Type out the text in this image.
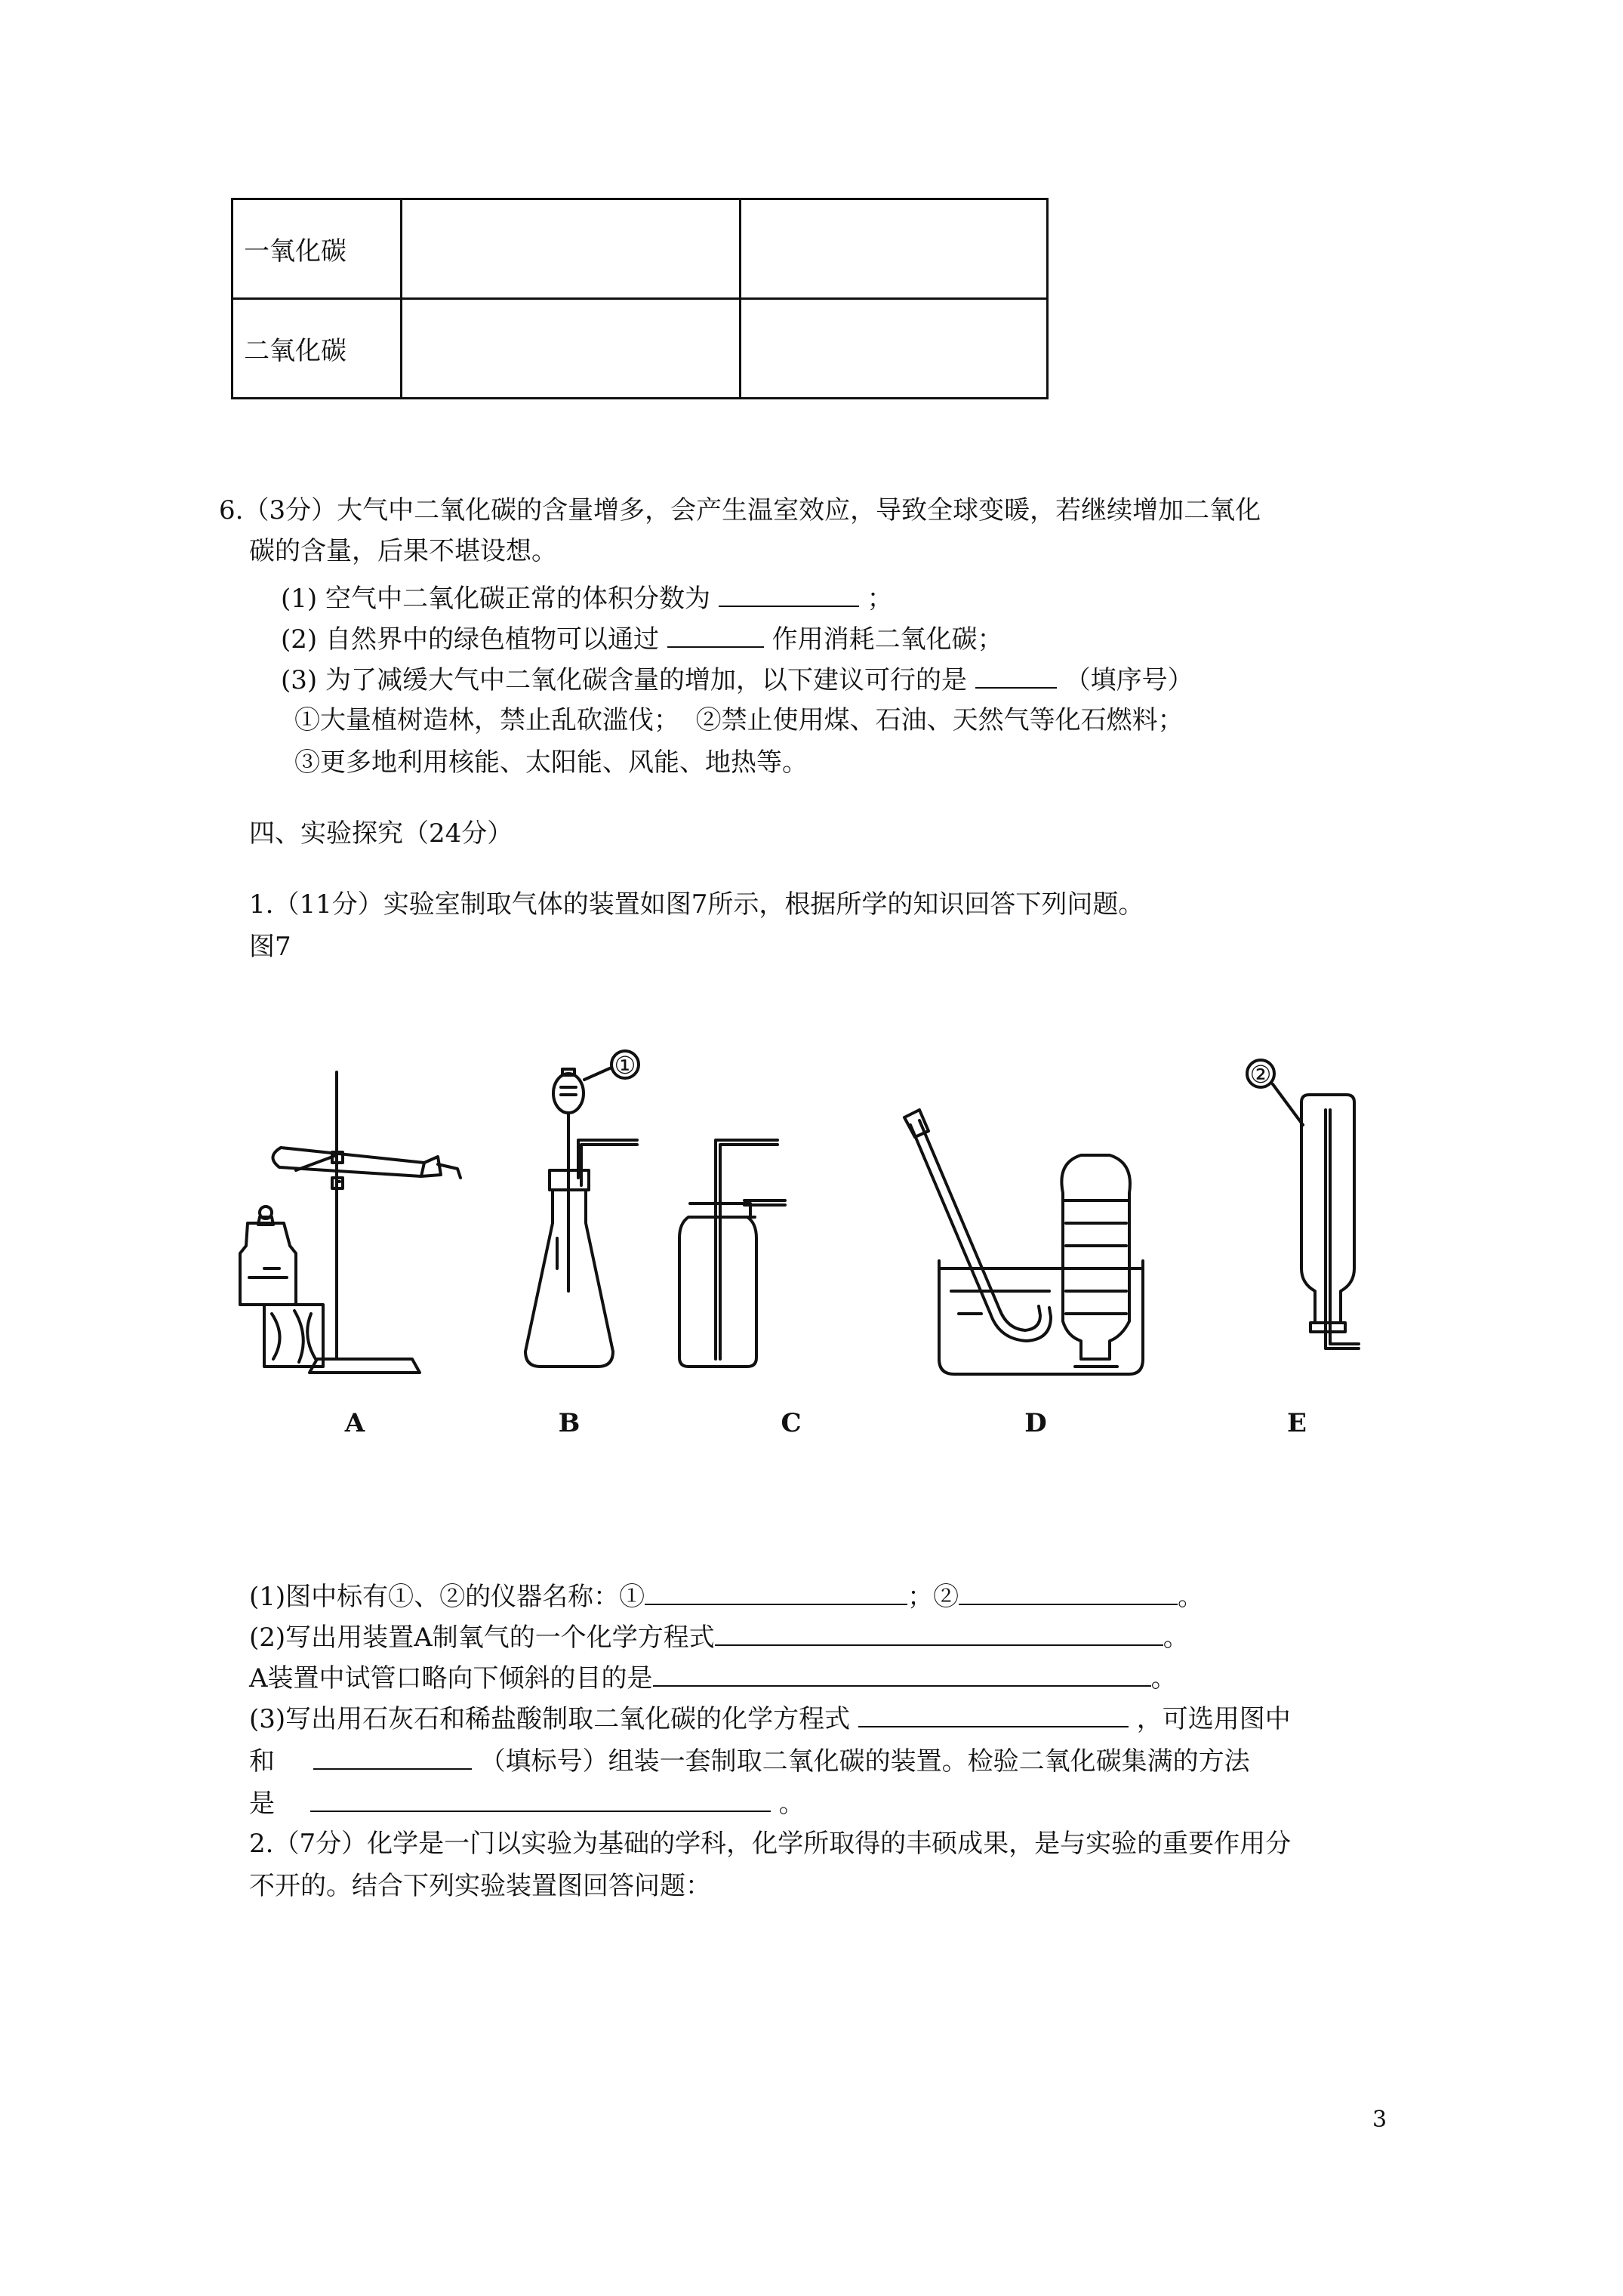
一氧化碳		
二氧化碳		
6.（3分）大气中二氧化碳的含量增多，会产生温室效应，导致全球变暖，若继续增加二氧化
碳的含量，后果不堪设想。
(1) 空气中二氧化碳正常的体积分数为	；
(2) 自然界中的绿色植物可以通过	作用消耗二氧化碳；
(3) 为了减缓大气中二氧化碳含量的增加，以下建议可行的是	（填序号）
①大量植树造林，禁止乱砍滥伐；  ②禁止使用煤、石油、天然气等化石燃料；
③更多地利用核能、太阳能、风能、地热等。
四、实验探究（24分）
1.（11分）实验室制取气体的装置如图7所示，根据所学的知识回答下列问题。
图7
①	②
A	B	C	D	E
(1)图中标有①、②的仪器名称：①	；②	。
(2)写出用装置A制氧气的一个化学方程式	。
A装置中试管口略向下倾斜的目的是	。
(3)写出用石灰石和稀盐酸制取二氧化碳的化学方程式	，可选用图中
和	（填标号）组装一套制取二氧化碳的装置。检验二氧化碳集满的方法
是	。
2.（7分）化学是一门以实验为基础的学科，化学所取得的丰硕成果，是与实验的重要作用分
不开的。结合下列实验装置图回答问题：
3
